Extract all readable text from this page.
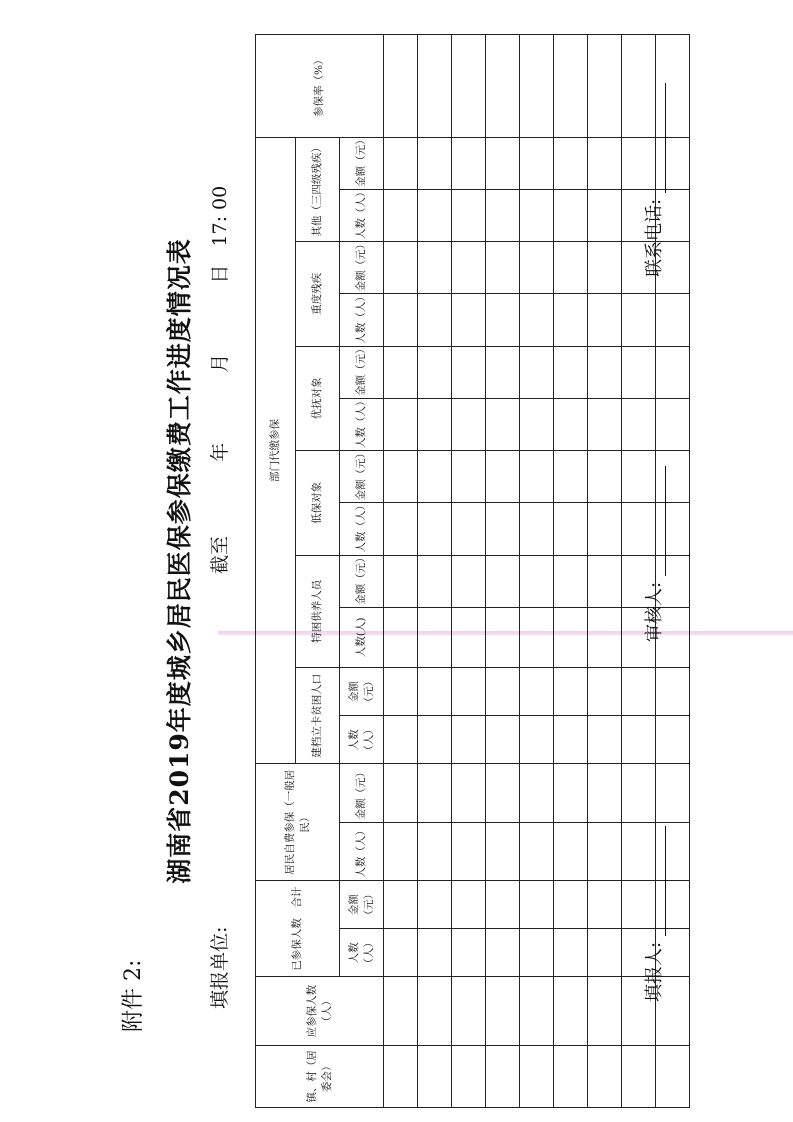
附件 2:
湖南省2019年度城乡居民医保参保缴费工作进度情况表
填报单位:
截至  年  月  日  17: 00
镇、村（居委会）	应参保人数（人）	已参保人数　合计		居民自费参保（一般居民）		部门代缴参保												参保率（%）
						建档立卡贫困人口		特困供养人员		低保对象		优抚对象		重度残疾		其他（三四级残疾）		
		人数（人）	金额（元）	人数（人）	金额（元）	人数（人）	金额（元）	人数(人)	金额（元）	人数（人）	金额（元）	人数（人）	金额（元）	人数（人）	金额（元）	人数（人）	金额（元）	

填报人:
审核人:
联系电话:
